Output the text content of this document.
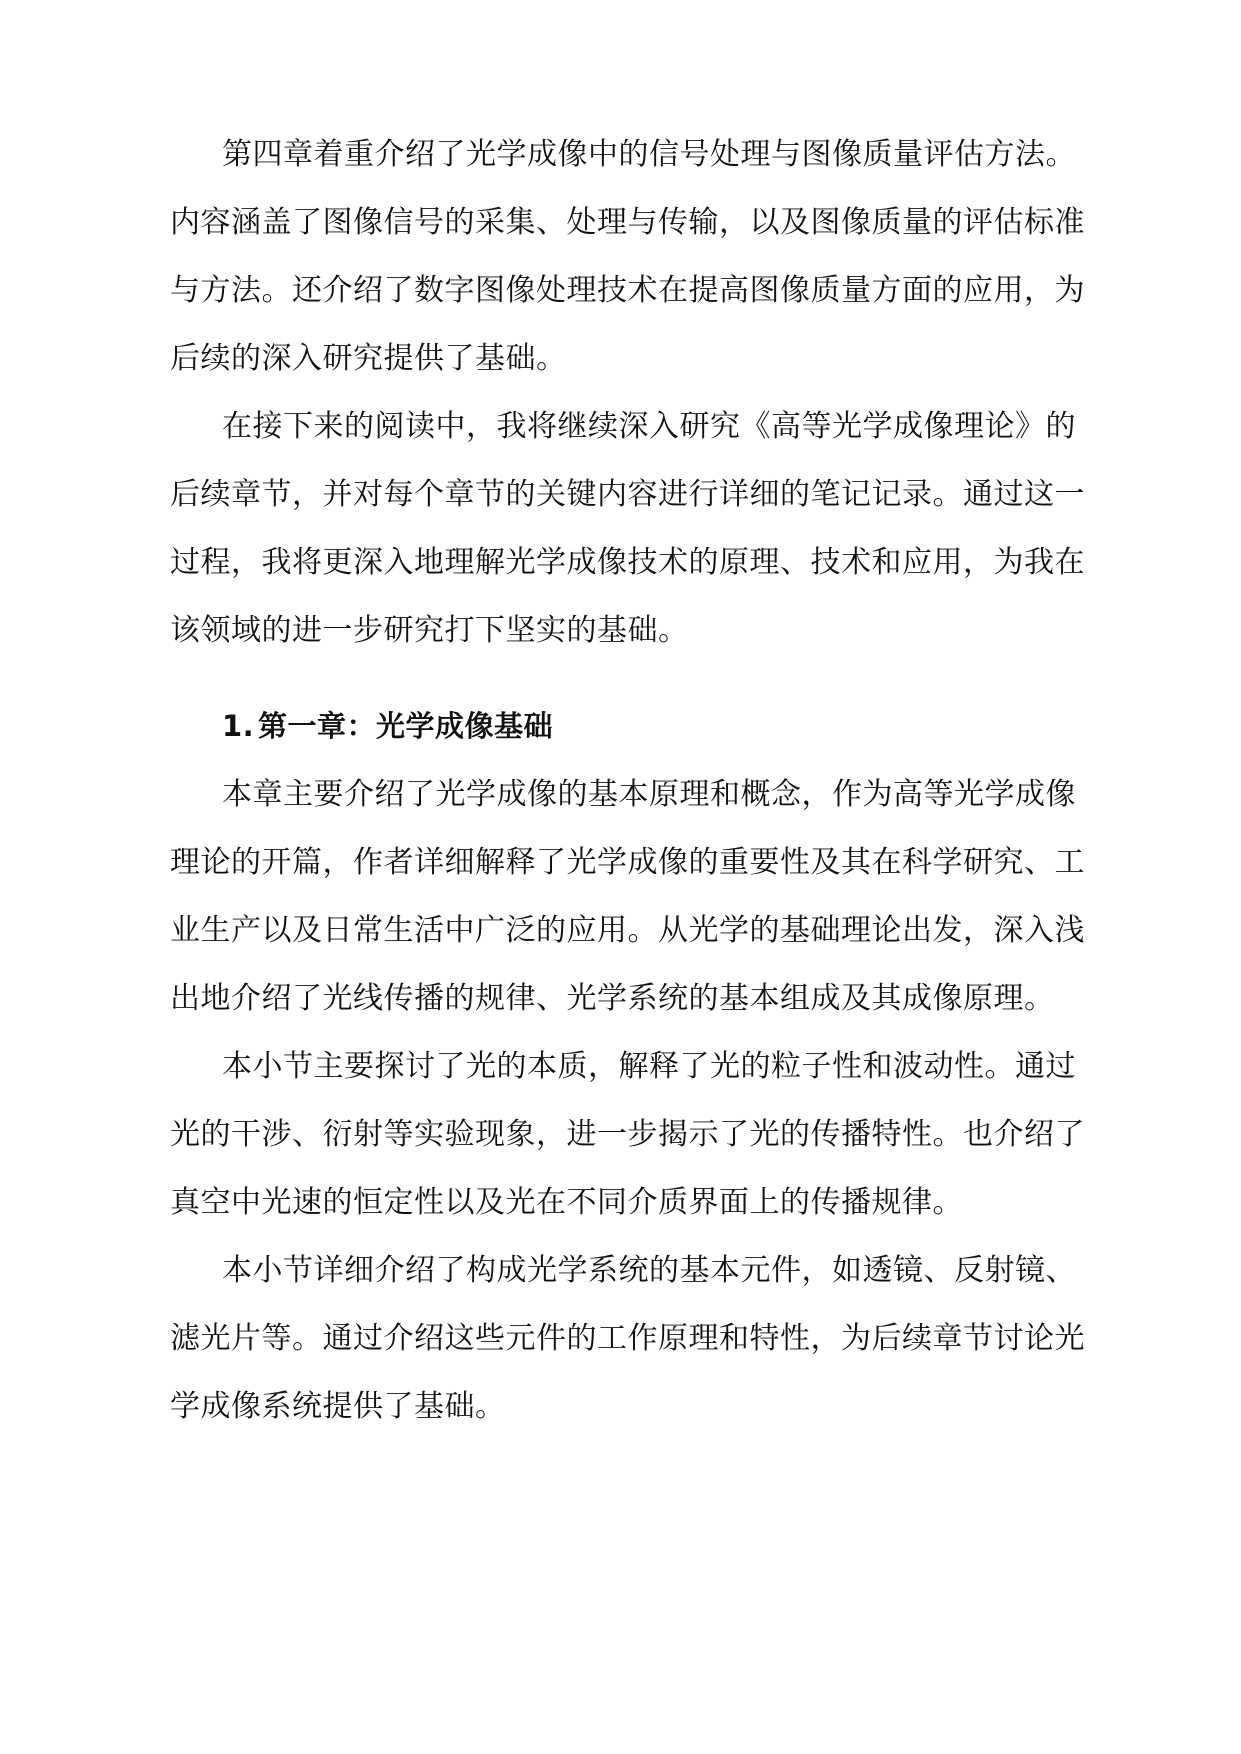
第四章着重介绍了光学成像中的信号处理与图像质量评估方法。
内容涵盖了图像信号的采集、处理与传输，以及图像质量的评估标准
与方法。还介绍了数字图像处理技术在提高图像质量方面的应用，为
后续的深入研究提供了基础。
在接下来的阅读中，我将继续深入研究《高等光学成像理论》的
后续章节，并对每个章节的关键内容进行详细的笔记记录。通过这一
过程，我将更深入地理解光学成像技术的原理、技术和应用，为我在
该领域的进一步研究打下坚实的基础。
1. 第一章：光学成像基础
本章主要介绍了光学成像的基本原理和概念，作为高等光学成像
理论的开篇，作者详细解释了光学成像的重要性及其在科学研究、工
业生产以及日常生活中广泛的应用。从光学的基础理论出发，深入浅
出地介绍了光线传播的规律、光学系统的基本组成及其成像原理。
本小节主要探讨了光的本质，解释了光的粒子性和波动性。通过
光的干涉、衍射等实验现象，进一步揭示了光的传播特性。也介绍了
真空中光速的恒定性以及光在不同介质界面上的传播规律。
本小节详细介绍了构成光学系统的基本元件，如透镜、反射镜、
滤光片等。通过介绍这些元件的工作原理和特性，为后续章节讨论光
学成像系统提供了基础。
